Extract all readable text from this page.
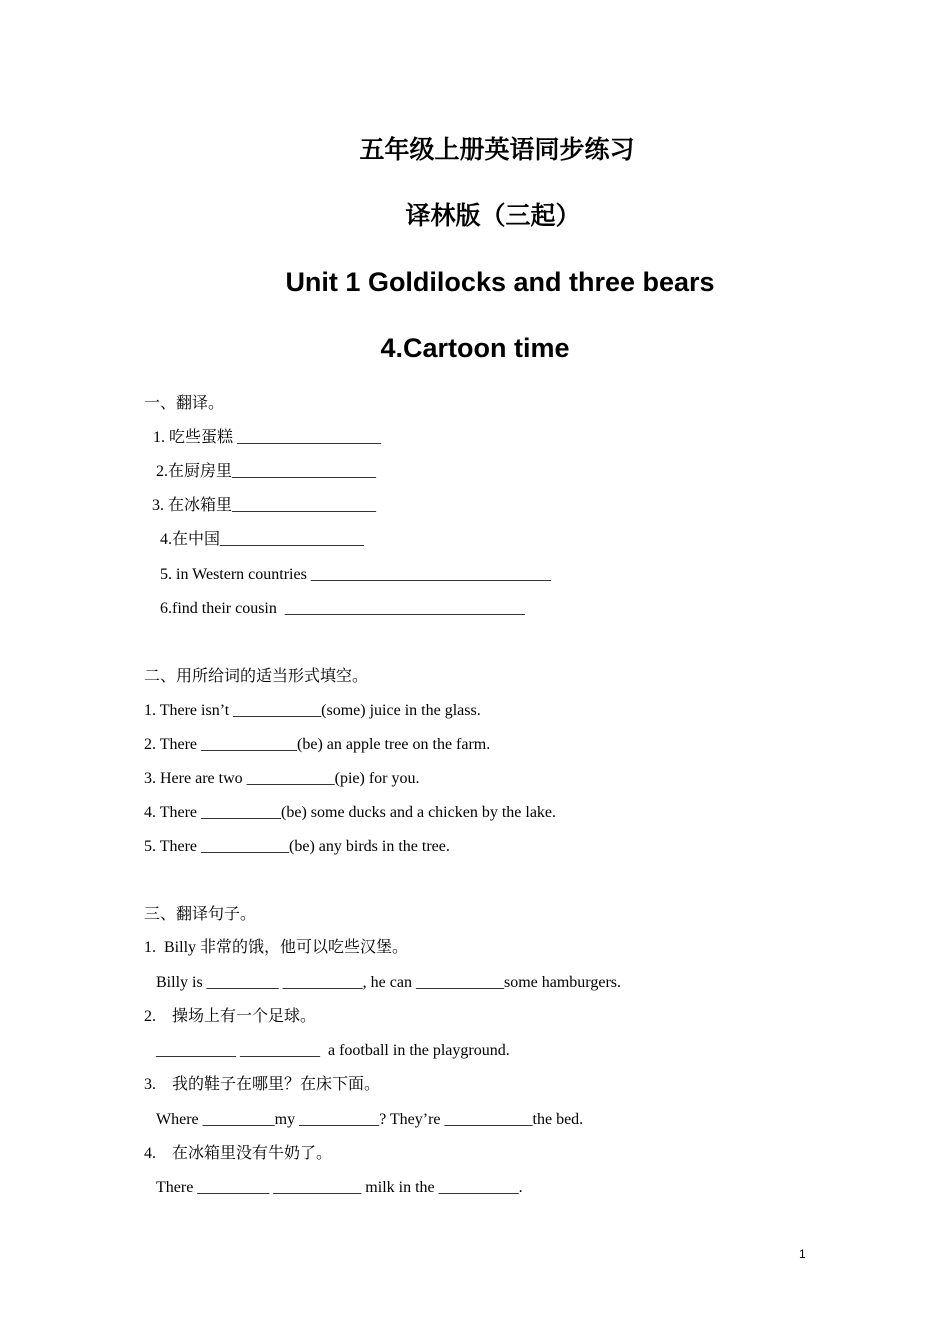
五年级上册英语同步练习
译林版（三起）
Unit 1 Goldilocks and three bears
4.Cartoon time
一、翻译。
1. 吃些蛋糕 __________________
2.在厨房里__________________
3. 在冰箱里__________________
4.在中国__________________
5. in Western countries ______________________________
6.find their cousin  ______________________________
二、用所给词的适当形式填空。
1. There isn’t ___________(some) juice in the glass.
2. There ____________(be) an apple tree on the farm.
3. Here are two ___________(pie) for you.
4. There __________(be) some ducks and a chicken by the lake.
5. There ___________(be) any birds in the tree.
三、翻译句子。
1.  Billy 非常的饿，他可以吃些汉堡。
Billy is _________ __________, he can ___________some hamburgers.
2.    操场上有一个足球。
__________ __________  a football in the playground.
3.    我的鞋子在哪里？在床下面。
Where _________my __________? They’re ___________the bed.
4.    在冰箱里没有牛奶了。
There _________ ___________ milk in the __________.
1
